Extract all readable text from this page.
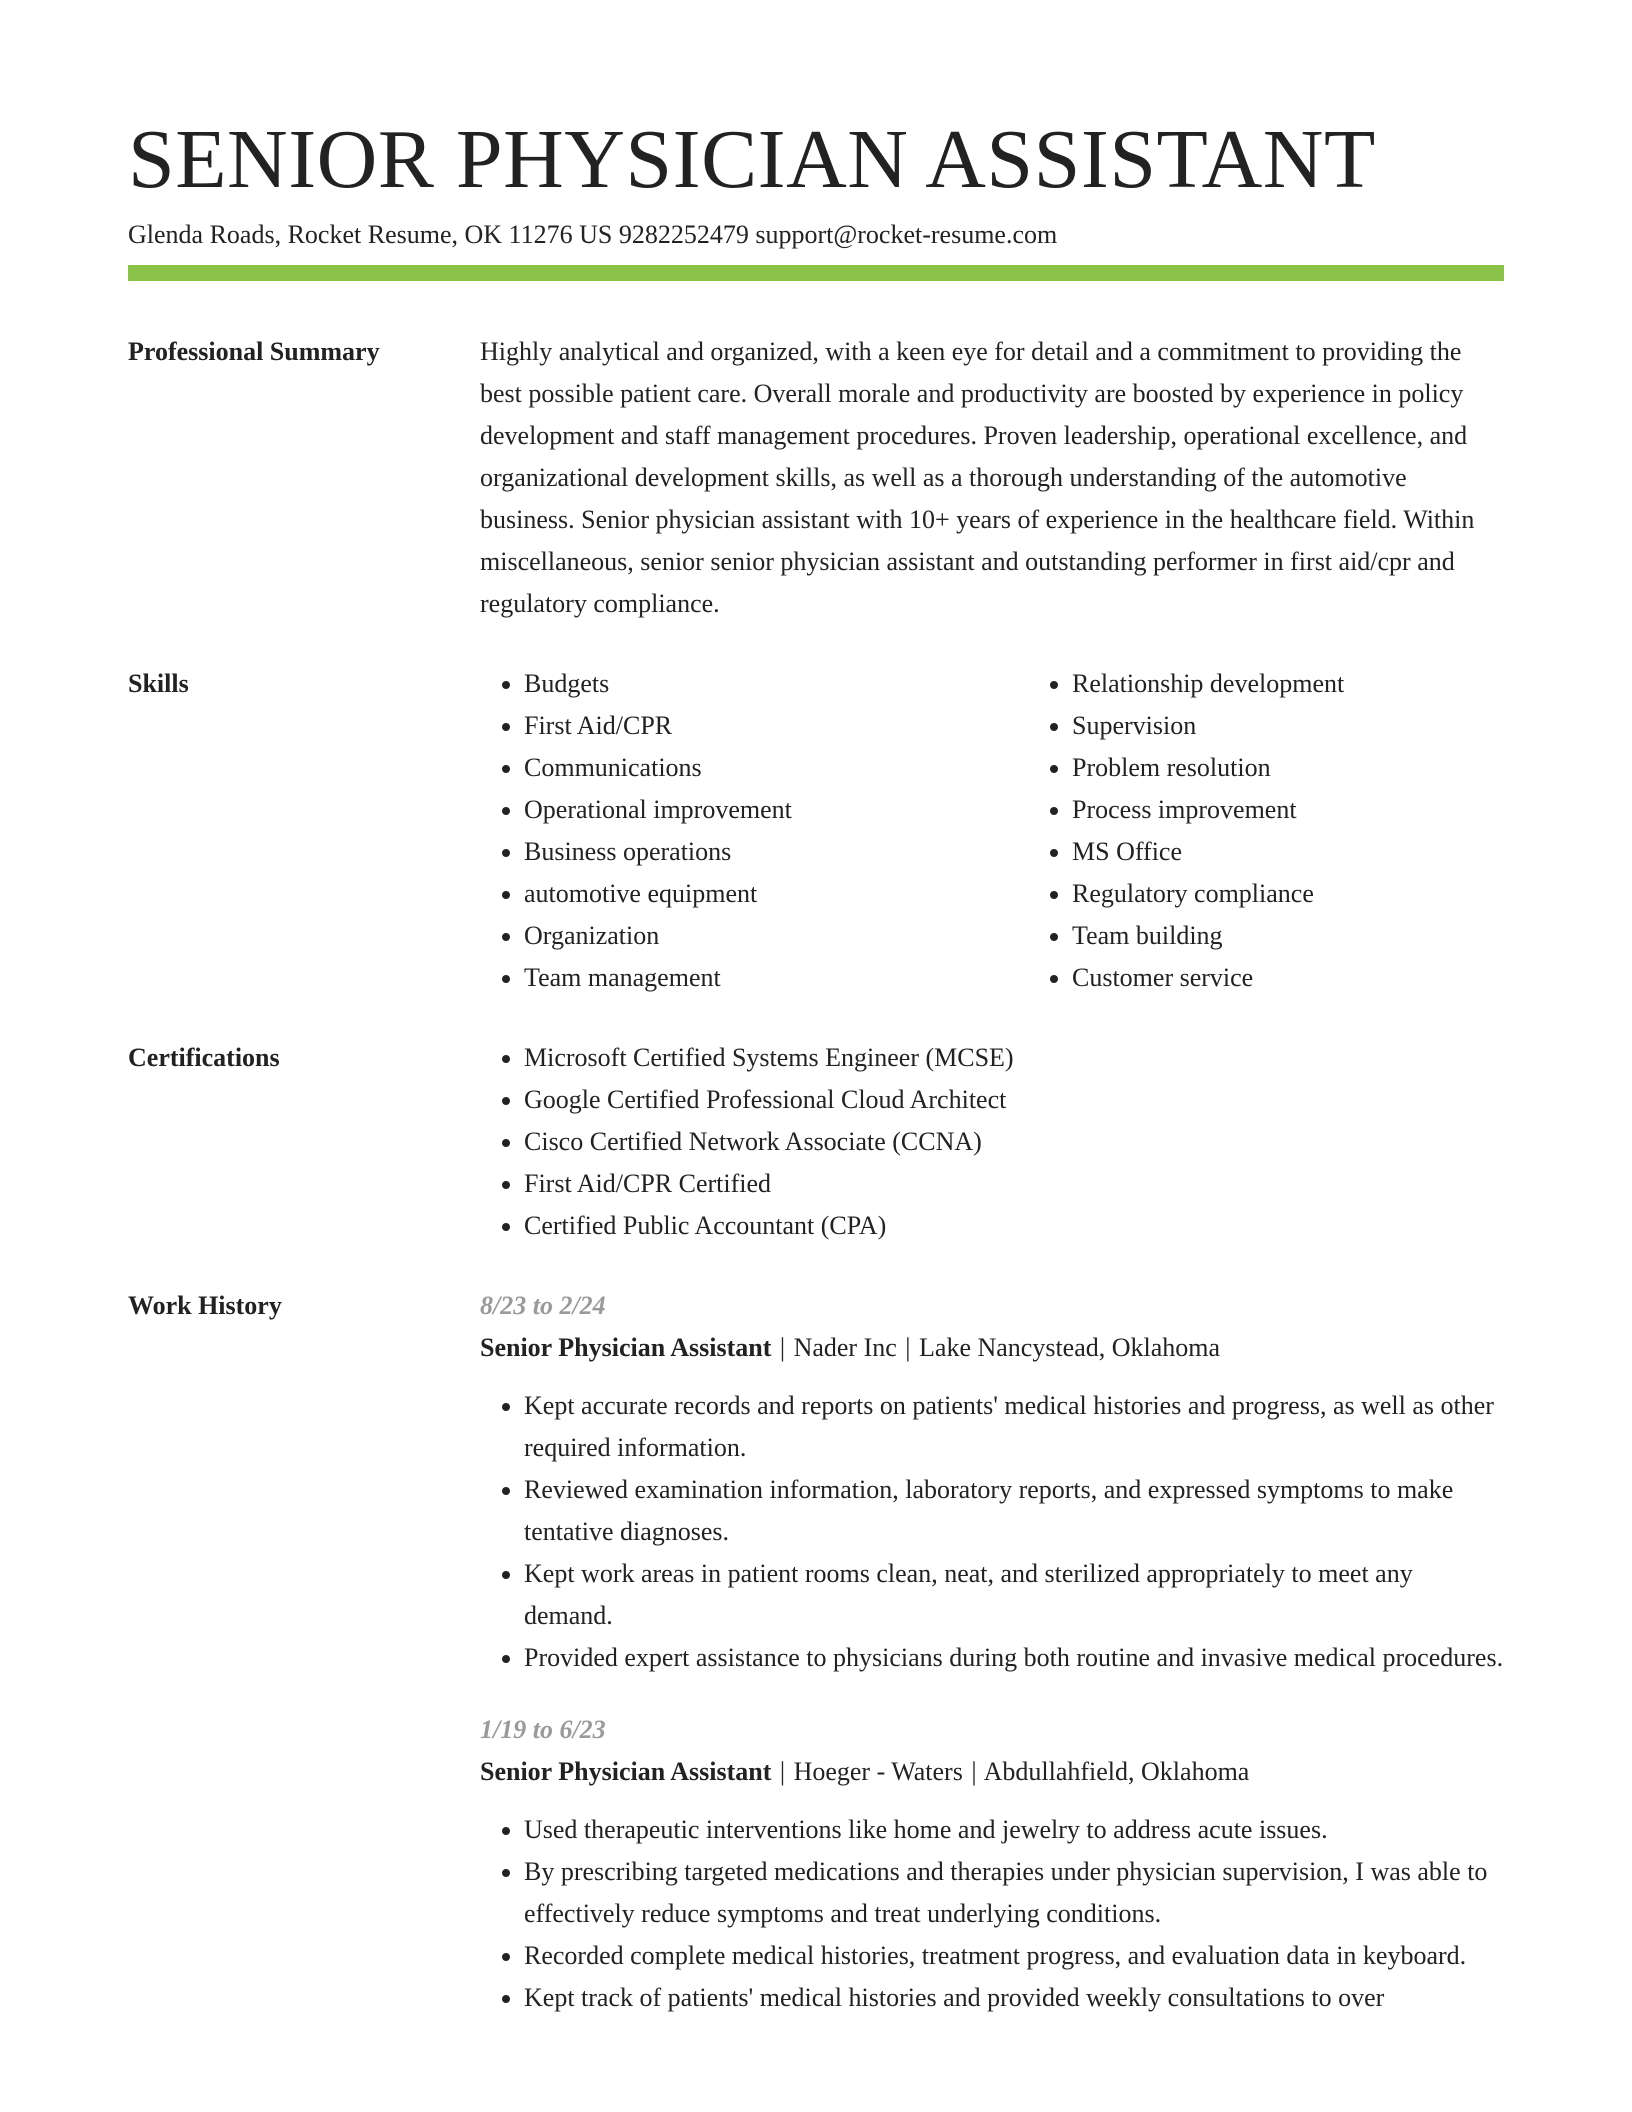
SENIOR PHYSICIAN ASSISTANT
Glenda Roads, Rocket Resume, OK 11276 US 9282252479 support@rocket-resume.com
Professional Summary	Highly analytical and organized, with a keen eye for detail and a commitment to providing the best possible patient care. Overall morale and productivity are boosted by experience in policy development and staff management procedures. Proven leadership, operational excellence, and organizational development skills, as well as a thorough understanding of the automotive business. Senior physician assistant with 10+ years of experience in the healthcare field. Within miscellaneous, senior senior physician assistant and outstanding performer in first aid/cpr and regulatory compliance.

Skills	• Budgets
• First Aid/CPR
• Communications
• Operational improvement
• Business operations
• automotive equipment
• Organization
• Team management
• Relationship development
• Supervision
• Problem resolution
• Process improvement
• MS Office
• Regulatory compliance
• Team building
• Customer service
Certifications	• Microsoft Certified Systems Engineer (MCSE)
• Google Certified Professional Cloud Architect
• Cisco Certified Network Associate (CCNA)
• First Aid/CPR Certified
• Certified Public Accountant (CPA)
Work History	8/23 to 2/24
Senior Physician Assistant | Nader Inc | Lake Nancystead, Oklahoma
• Kept accurate records and reports on patients' medical histories and progress, as well as other required information.
• Reviewed examination information, laboratory reports, and expressed symptoms to make tentative diagnoses.
• Kept work areas in patient rooms clean, neat, and sterilized appropriately to meet any demand.
• Provided expert assistance to physicians during both routine and invasive medical procedures.
1/19 to 6/23
Senior Physician Assistant | Hoeger - Waters | Abdullahfield, Oklahoma
• Used therapeutic interventions like home and jewelry to address acute issues.
• By prescribing targeted medications and therapies under physician supervision, I was able to effectively reduce symptoms and treat underlying conditions.
• Recorded complete medical histories, treatment progress, and evaluation data in keyboard.
• Kept track of patients' medical histories and provided weekly consultations to over
